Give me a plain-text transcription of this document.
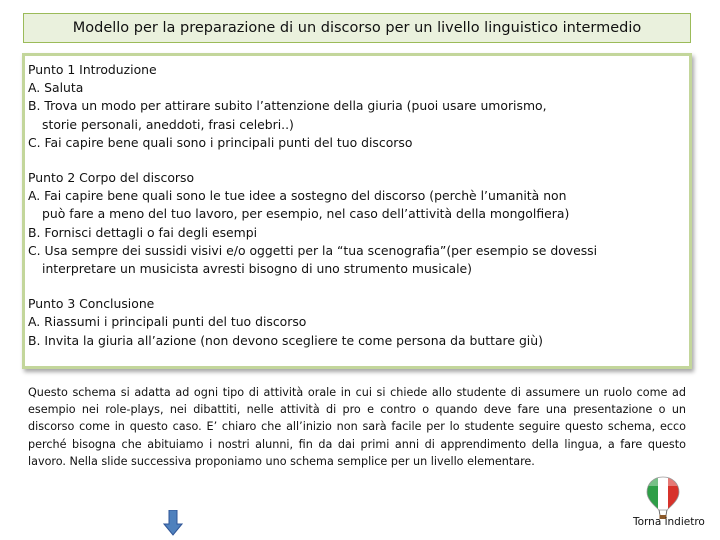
Modello per la preparazione di un discorso per un livello linguistico intermedio
Punto 1 Introduzione
A. Saluta
B. Trova un modo per attirare subito l’attenzione della giuria (puoi usare umorismo,
storie personali, aneddoti, frasi celebri..)
C. Fai capire bene quali sono i principali punti del tuo discorso
Punto 2 Corpo del discorso
A. Fai capire bene quali sono le tue idee a sostegno del discorso (perchè l’umanità non
può fare a meno del tuo lavoro, per esempio, nel caso dell’attività della mongolfiera)
B. Fornisci dettagli o fai degli esempi
C. Usa sempre dei sussidi visivi e/o oggetti per la “tua scenografia”(per esempio se dovessi
interpretare un musicista avresti bisogno di uno strumento musicale)
Punto 3 Conclusione
A. Riassumi i principali punti del tuo discorso
B. Invita la giuria all’azione (non devono scegliere te come persona da buttare giù)
Questo schema si adatta ad ogni tipo di attività orale in cui si chiede allo studente di assumere un ruolo come ad esempio nei role-plays, nei dibattiti, nelle attività di pro e contro o quando deve fare una presentazione o un discorso come in questo caso. E’ chiaro che all’inizio non sarà facile per lo studente seguire questo schema, ecco perché bisogna che abituiamo i nostri alunni, fin da dai primi anni di apprendimento della lingua, a fare questo lavoro. Nella slide successiva proponiamo uno schema semplice per un livello elementare.
Torna indietro
